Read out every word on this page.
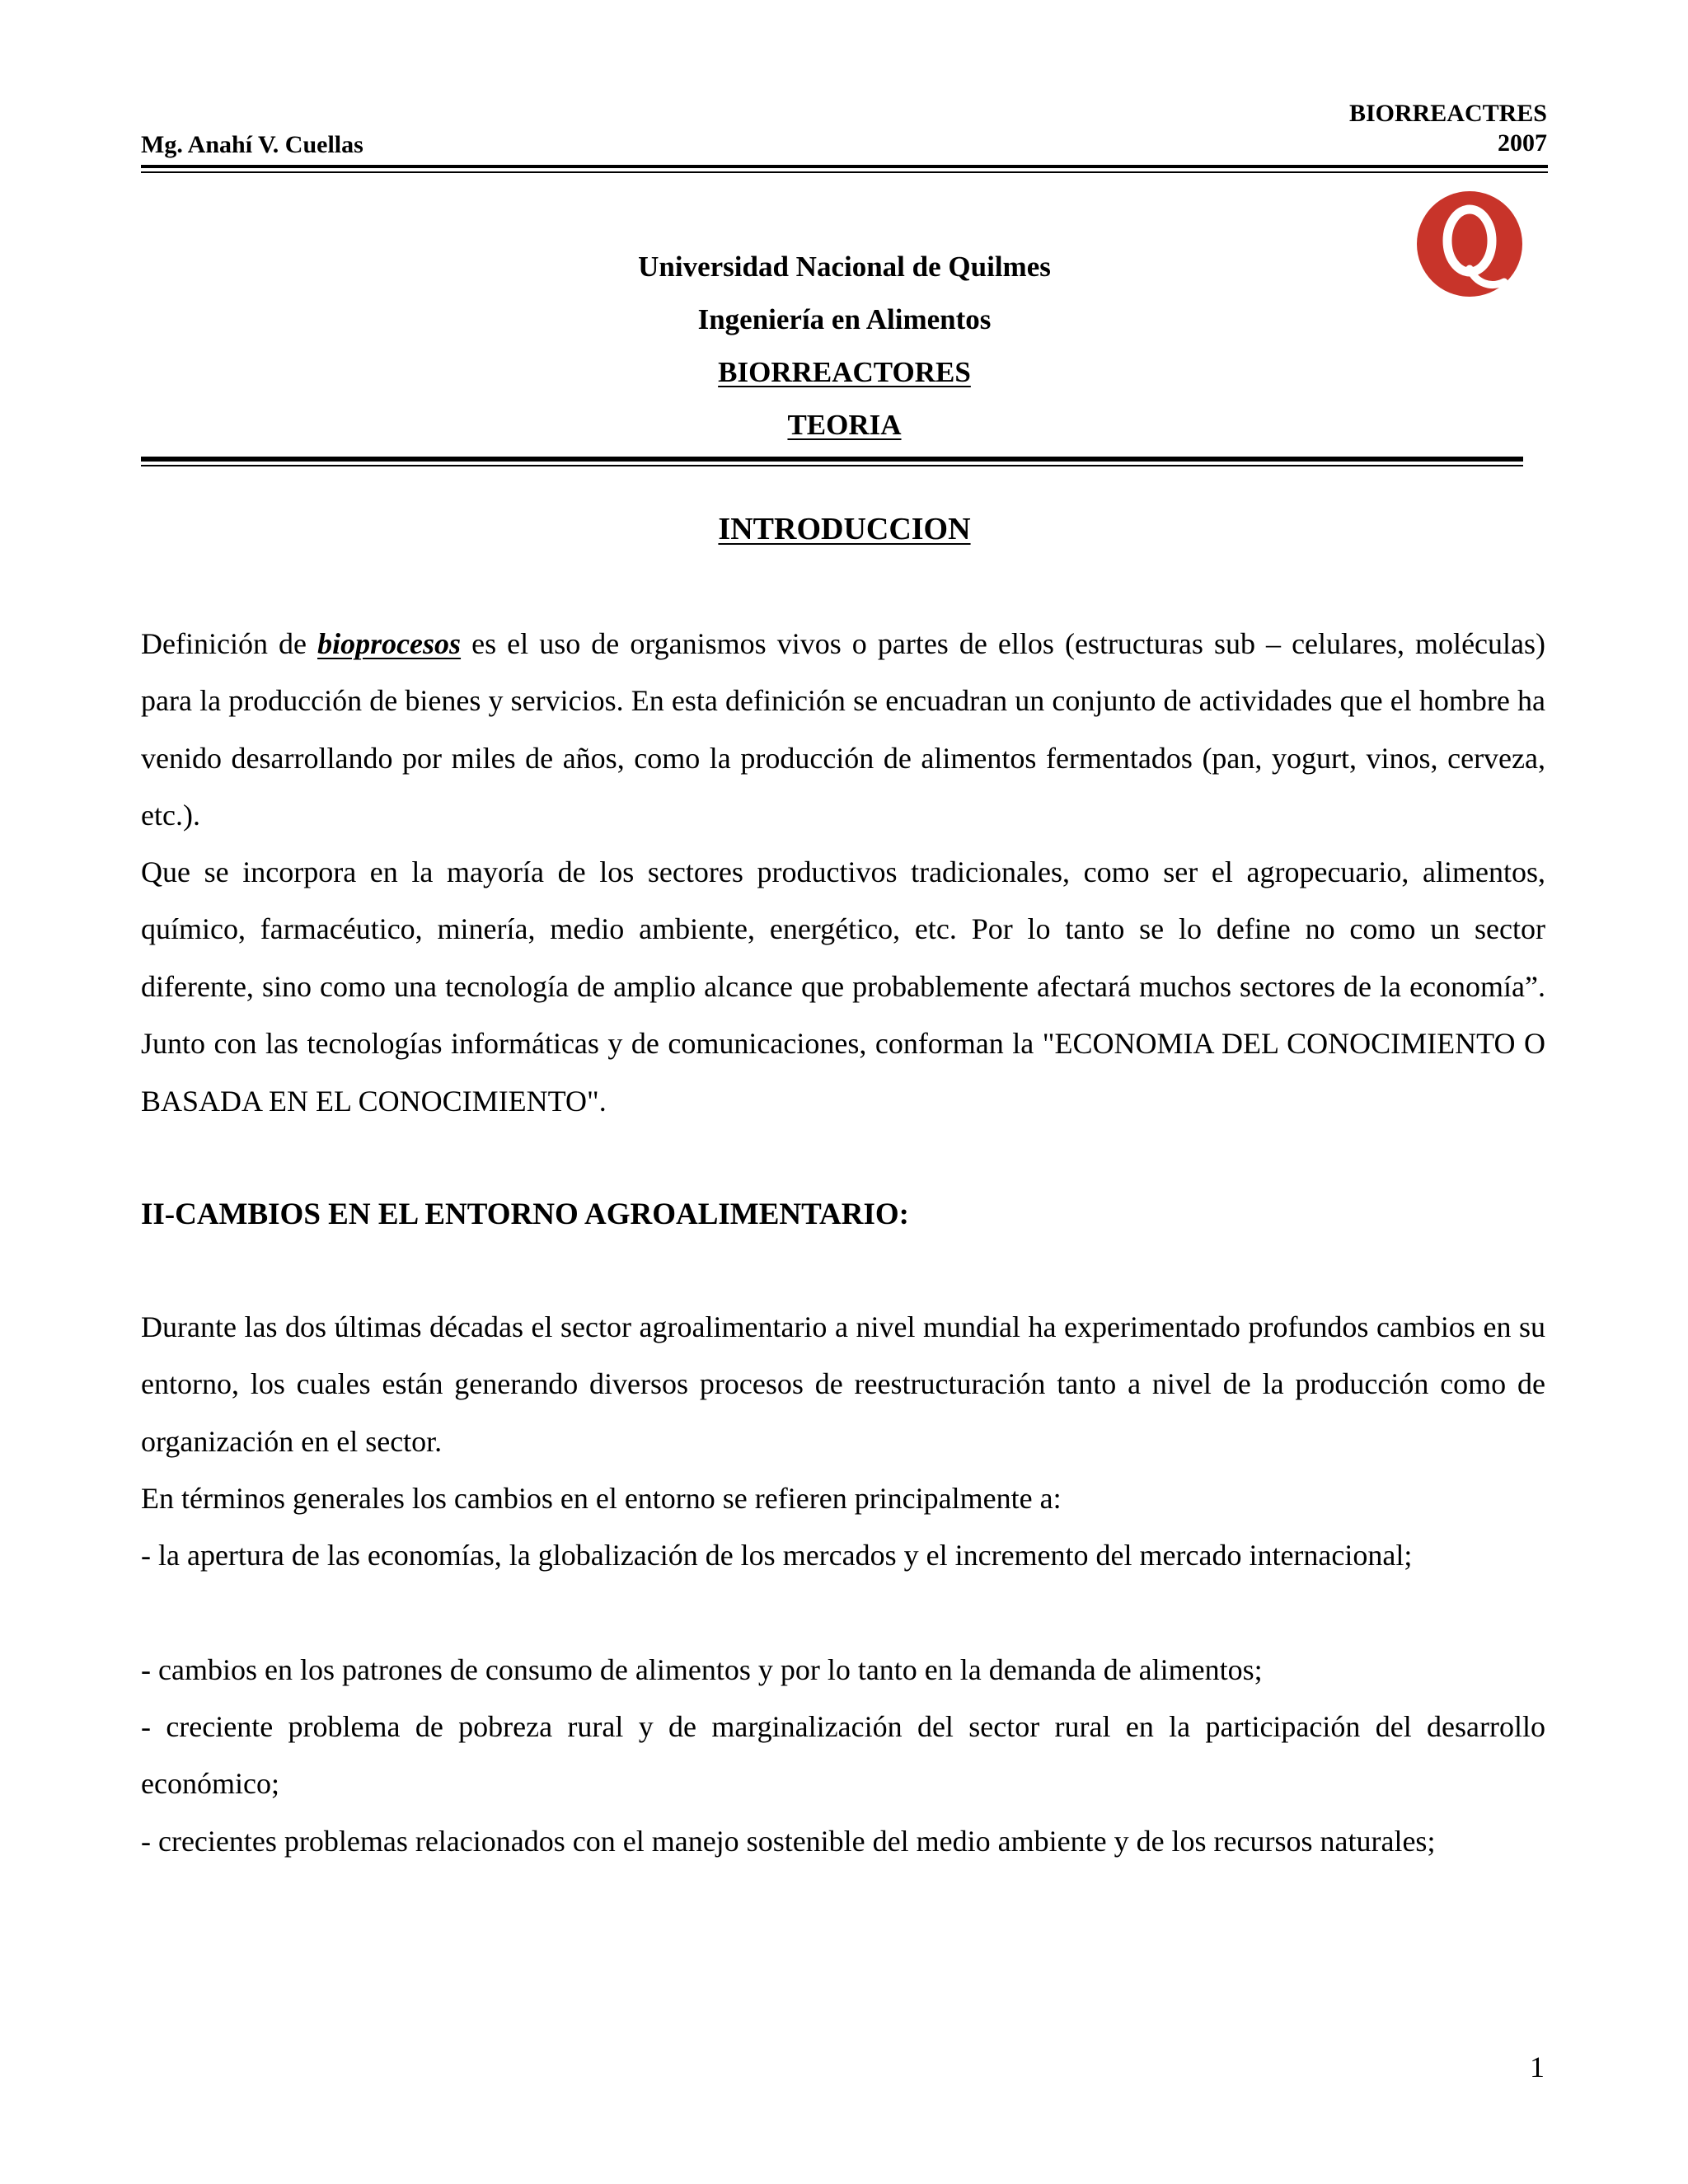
Mg. Anahí V. Cuellas
BIORREACTRES
2007
Universidad Nacional de Quilmes
Ingeniería en Alimentos
BIORREACTORES
TEORIA
INTRODUCCION
Definición de bioprocesos es el uso de organismos vivos o partes de ellos (estructuras sub – celulares, moléculas) para la producción de bienes y servicios. En esta definición se encuadran un conjunto de actividades que el hombre ha venido desarrollando por miles de años, como la producción de alimentos fermentados (pan, yogurt, vinos, cerveza, etc.).
Que se incorpora en la mayoría de los sectores productivos tradicionales, como ser el agropecuario, alimentos, químico, farmacéutico, minería, medio ambiente, energético, etc. Por lo tanto se lo define no como un sector diferente, sino como una tecnología de amplio alcance que probablemente afectará muchos sectores de la economía”. Junto con las tecnologías informáticas y de comunicaciones, conforman la "ECONOMIA DEL CONOCIMIENTO O BASADA EN EL CONOCIMIENTO".
II-CAMBIOS EN EL ENTORNO AGROALIMENTARIO:
Durante las dos últimas décadas el sector agroalimentario a nivel mundial ha experimentado profundos cambios en su entorno, los cuales están generando diversos procesos de reestructuración tanto a nivel de la producción como de organización en el sector.
En términos generales los cambios en el entorno se refieren principalmente a:
- la apertura de las economías, la globalización de los mercados y el incremento del mercado internacional;
- cambios en los patrones de consumo de alimentos y por lo tanto en la demanda de alimentos;
- creciente problema de pobreza rural y de marginalización del sector rural en la participación del desarrollo económico;
- crecientes problemas relacionados con el manejo sostenible del medio ambiente y de los recursos naturales;
1
